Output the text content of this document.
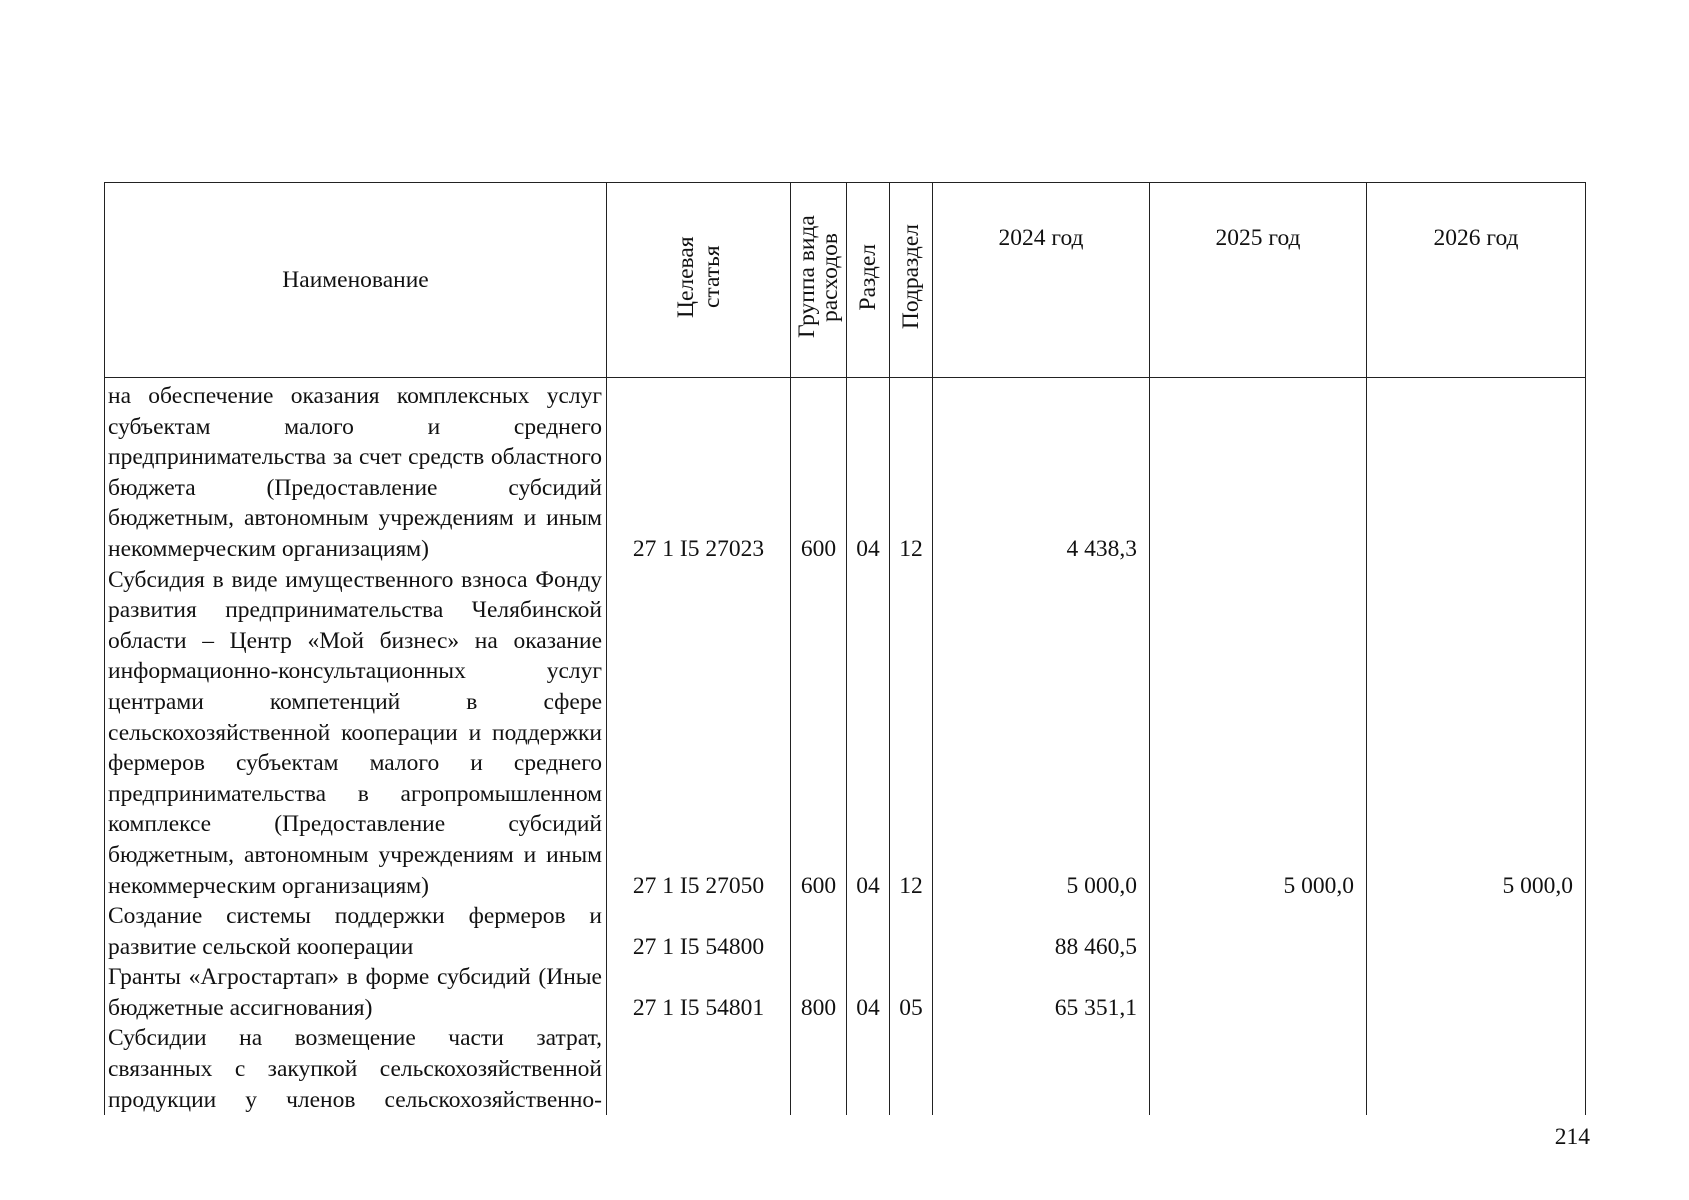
Наименование	Целевая статья	Группа вида расходов	Раздел	Подраздел	2024 год	2025 год	2026 год
на обеспечение оказания комплексных услуг субъектам малого и среднего предпринимательства за счет средств областного бюджета (Предоставление субсидий бюджетным, автономным учреждениям и иным некоммерческим организациям)	27 1 I5 27023	600	04	12	4 438,3		
Субсидия в виде имущественного взноса Фонду развития предпринимательства Челябинской области – Центр «Мой бизнес» на оказание информационно-консультационных услуг центрами компетенций в сфере сельскохозяйственной кооперации и поддержки фермеров субъектам малого и среднего предпринимательства в агропромышленном комплексе (Предоставление субсидий бюджетным, автономным учреждениям и иным некоммерческим организациям)	27 1 I5 27050	600	04	12	5 000,0	5 000,0	5 000,0
Создание системы поддержки фермеров и развитие сельской кооперации	27 1 I5 54800				88 460,5		
Гранты «Агростартап» в форме субсидий (Иные бюджетные ассигнования)	27 1 I5 54801	800	04	05	65 351,1		
Субсидии на возмещение части затрат, связанных с закупкой сельскохозяйственной продукции у членов сельскохозяйственно-							
214
